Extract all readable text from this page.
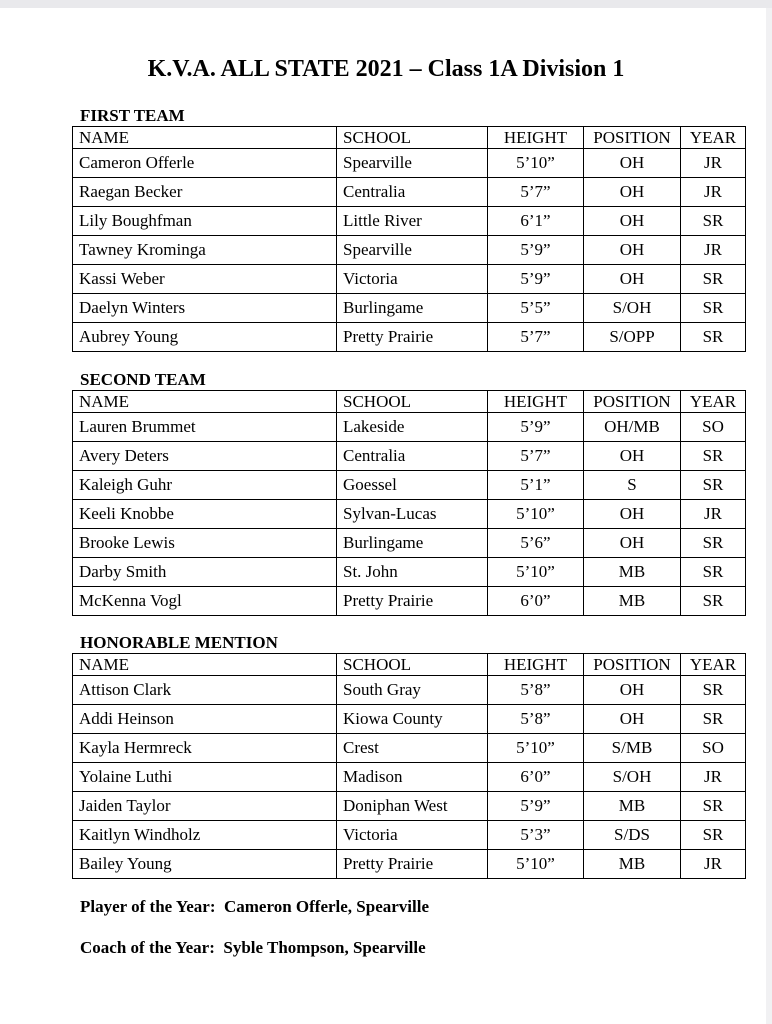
K.V.A. ALL STATE 2021 – Class 1A Division 1
FIRST TEAM
NAME	SCHOOL	HEIGHT	POSITION	YEAR
Cameron Offerle	Spearville	5’10”	OH	JR
Raegan Becker	Centralia	5’7”	OH	JR
Lily Boughfman	Little River	6’1”	OH	SR
Tawney Krominga	Spearville	5’9”	OH	JR
Kassi Weber	Victoria	5’9”	OH	SR
Daelyn Winters	Burlingame	5’5”	S/OH	SR
Aubrey Young	Pretty Prairie	5’7”	S/OPP	SR
SECOND TEAM
NAME	SCHOOL	HEIGHT	POSITION	YEAR
Lauren Brummet	Lakeside	5’9”	OH/MB	SO
Avery Deters	Centralia	5’7”	OH	SR
Kaleigh Guhr	Goessel	5’1”	S	SR
Keeli Knobbe	Sylvan-Lucas	5’10”	OH	JR
Brooke Lewis	Burlingame	5’6”	OH	SR
Darby Smith	St. John	5’10”	MB	SR
McKenna Vogl	Pretty Prairie	6’0”	MB	SR
HONORABLE MENTION
NAME	SCHOOL	HEIGHT	POSITION	YEAR
Attison Clark	South Gray	5’8”	OH	SR
Addi Heinson	Kiowa County	5’8”	OH	SR
Kayla Hermreck	Crest	5’10”	S/MB	SO
Yolaine Luthi	Madison	6’0”	S/OH	JR
Jaiden Taylor	Doniphan West	5’9”	MB	SR
Kaitlyn Windholz	Victoria	5’3”	S/DS	SR
Bailey Young	Pretty Prairie	5’10”	MB	JR
Player of the Year:  Cameron Offerle, Spearville
Coach of the Year:  Syble Thompson, Spearville
